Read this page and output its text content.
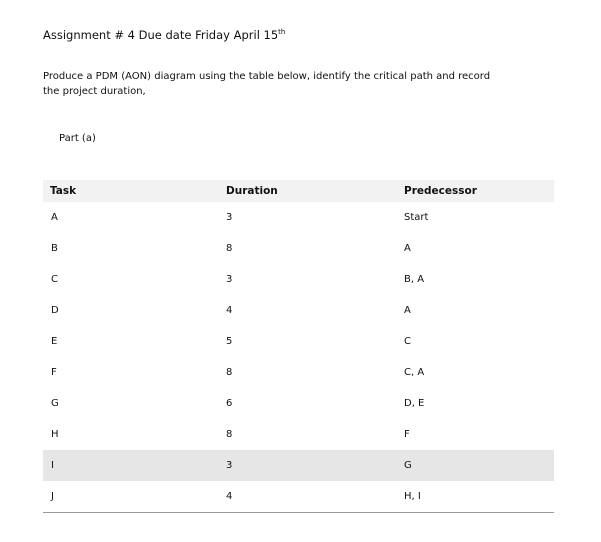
Assignment # 4 Due date Friday April 15th
Produce a PDM (AON) diagram using the table below, identify the critical path and record the project duration,
Part (a)
Task	Duration	Predecessor
A	3	Start
B	8	A
C	3	B, A
D	4	A
E	5	C
F	8	C, A
G	6	D, E
H	8	F
I	3	G
J	4	H, I
